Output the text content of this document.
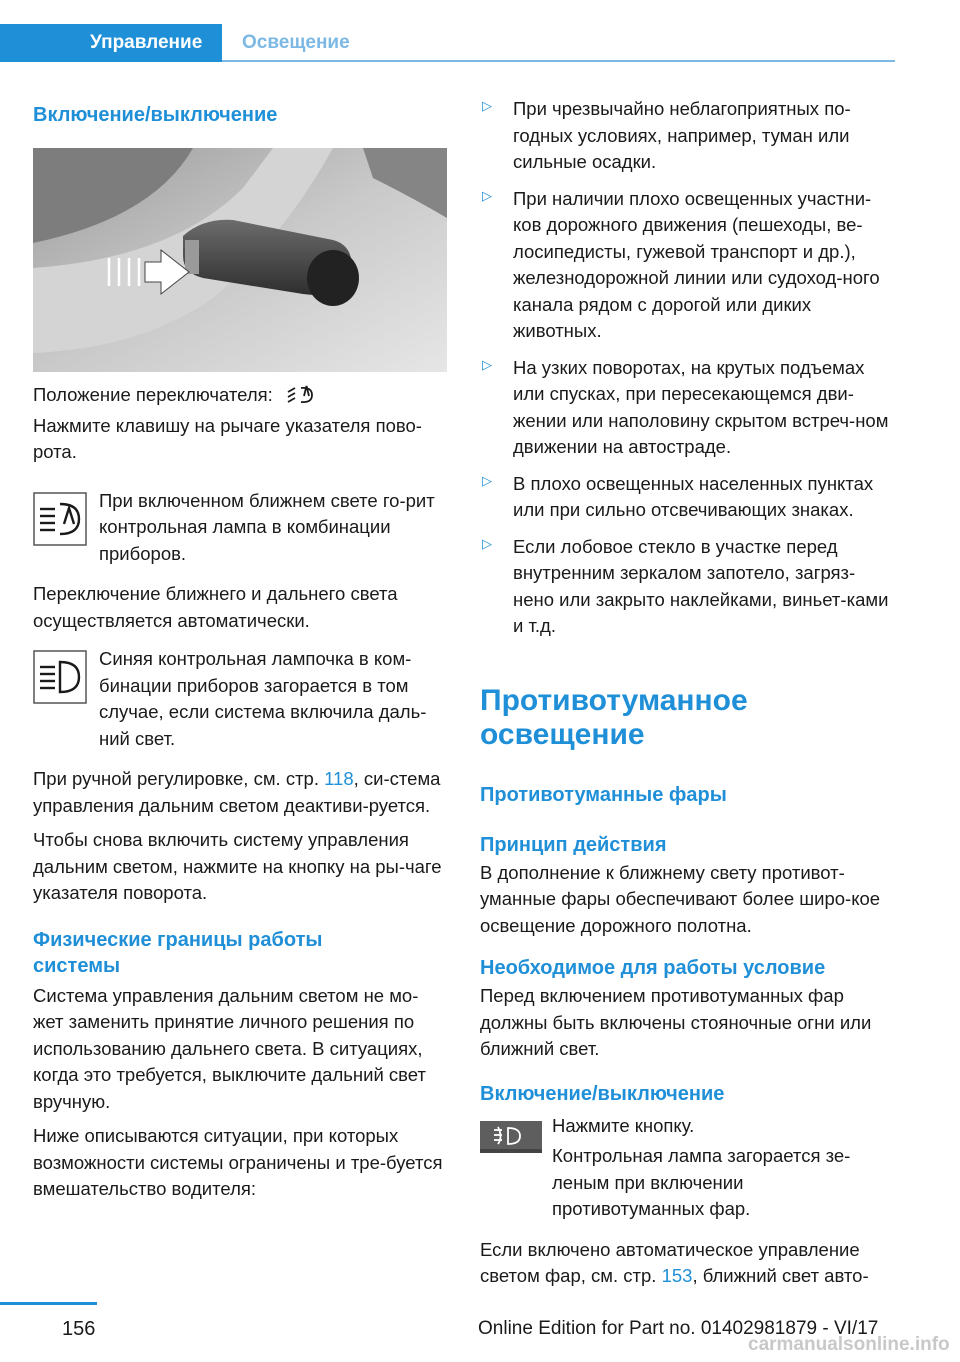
Управление	Освещение
Включение/выключение

Положение переключателя:

Нажмите клавишу на рычаге указателя пово-рота.

При включенном ближнем свете го-рит контрольная лампа в комбинации приборов.

Переключение ближнего и дальнего света осуществляется автоматически.

Синяя контрольная лампочка в ком-бинации приборов загорается в том случае, если система включила даль-ний свет.

При ручной регулировке, см. стр. 118, си-стема управления дальним светом деактиви-руется.

Чтобы снова включить систему управления дальним светом, нажмите на кнопку на ры-чаге указателя поворота.

Физические границы работы системы

Система управления дальним светом не мо-жет заменить принятие личного решения по использованию дальнего света. В ситуациях, когда это требуется, выключите дальний свет вручную.

Ниже описываются ситуации, при которых возможности системы ограничены и тре-буется вмешательство водителя:

▷ При чрезвычайно неблагоприятных по-годных условиях, например, туман или сильные осадки.

▷ При наличии плохо освещенных участни-ков дорожного движения (пешеходы, ве-лосипедисты, гужевой транспорт и др.), железнодорожной линии или судоход-ного канала рядом с дорогой или диких животных.

▷ На узких поворотах, на крутых подъемах или спусках, при пересекающемся дви-жении или наполовину скрытом встреч-ном движении на автостраде.

▷ В плохо освещенных населенных пунктах или при сильно отсвечивающих знаках.

▷ Если лобовое стекло в участке перед внутренним зеркалом запотело, загряз-нено или закрыто наклейками, виньет-ками и т.д.

Противотуманное освещение
Противотуманные фары
Принцип действия

В дополнение к ближнему свету противот-уманные фары обеспечивают более широ-кое освещение дорожного полотна.

Необходимое для работы условие

Перед включением противотуманных фар должны быть включены стояночные огни или ближний свет.

Включение/выключение

Нажмите кнопку.

Контрольная лампа загорается зе-леным при включении противотуманных фар.

Если включено автоматическое управление светом фар, см. стр. 153, ближний свет авто-

156	Online Edition for Part no. 01402981879 - VI/17
carmanualsonline.info
